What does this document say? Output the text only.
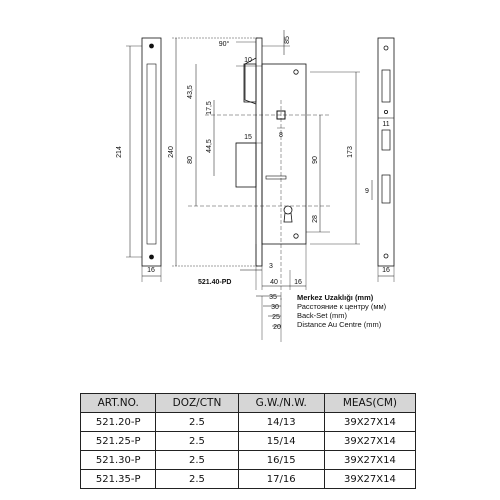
214
16
240
90°
85
10
43,5
17,5
8
44,5
15
80
173
90
28
3
521.40-PD	40 16
35
30
25
20
11
9
16
Merkez Uzaklığı (mm)
Расстояние к центру (мм)
Back-Set (mm)
Distance Au Centre (mm)
ART.NO.	DOZ/CTN	G.W./N.W.	MEAS(CM)
521.20-P	2.5	14/13	39X27X14
521.25-P	2.5	15/14	39X27X14
521.30-P	2.5	16/15	39X27X14
521.35-P	2.5	17/16	39X27X14
